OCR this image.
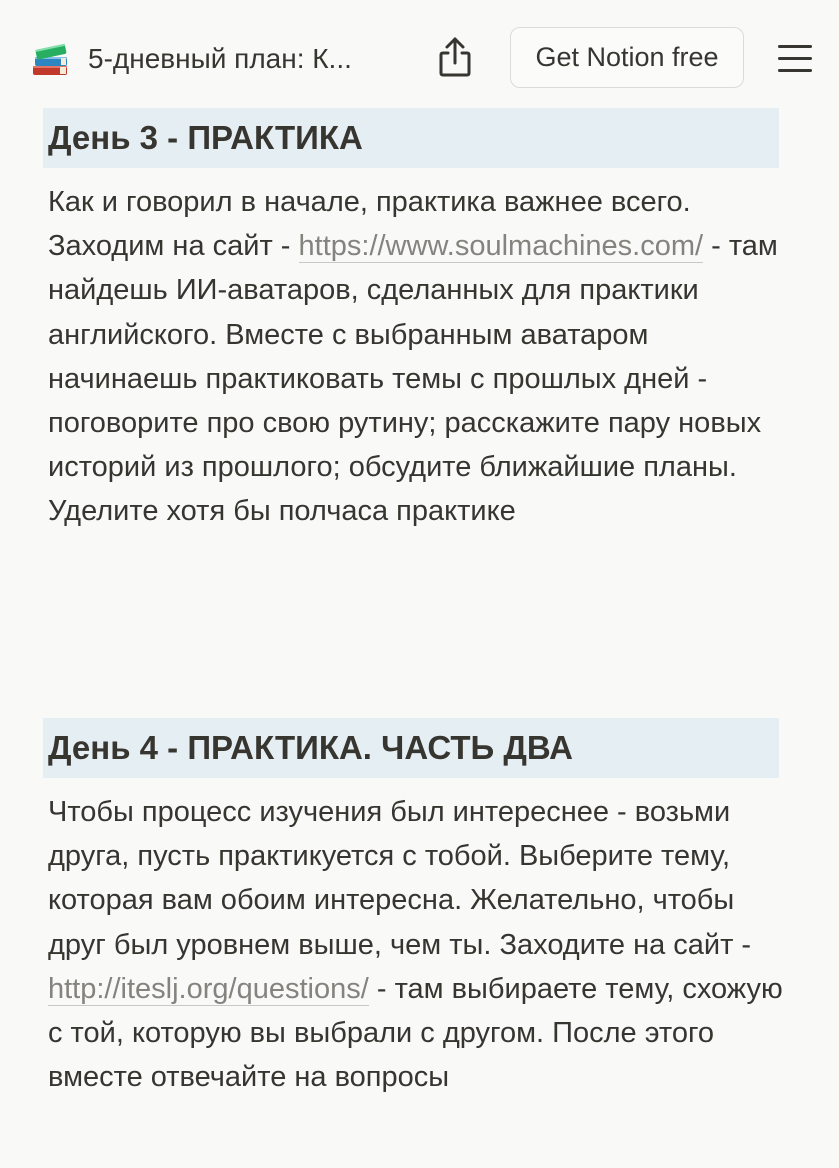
5-дневный план: К...	Get Notion free
День 3 - ПРАКТИКА
Как и говорил в начале, практика важнее всего. Заходим на сайт - https://www.soulmachines.com/ - там найдешь ИИ-аватаров, сделанных для практики английского. Вместе с выбранным аватаром начинаешь практиковать темы с прошлых дней - поговорите про свою рутину; расскажите пару новых историй из прошлого; обсудите ближайшие планы. Уделите хотя бы полчаса практике
День 4 - ПРАКТИКА. ЧАСТЬ ДВА
Чтобы процесс изучения был интереснее - возьми друга, пусть практикуется с тобой. Выберите тему, которая вам обоим интересна. Желательно, чтобы друг был уровнем выше, чем ты. Заходите на сайт - http://iteslj.org/questions/ - там выбираете тему, схожую с той, которую вы выбрали с другом. После этого вместе отвечайте на вопросы
